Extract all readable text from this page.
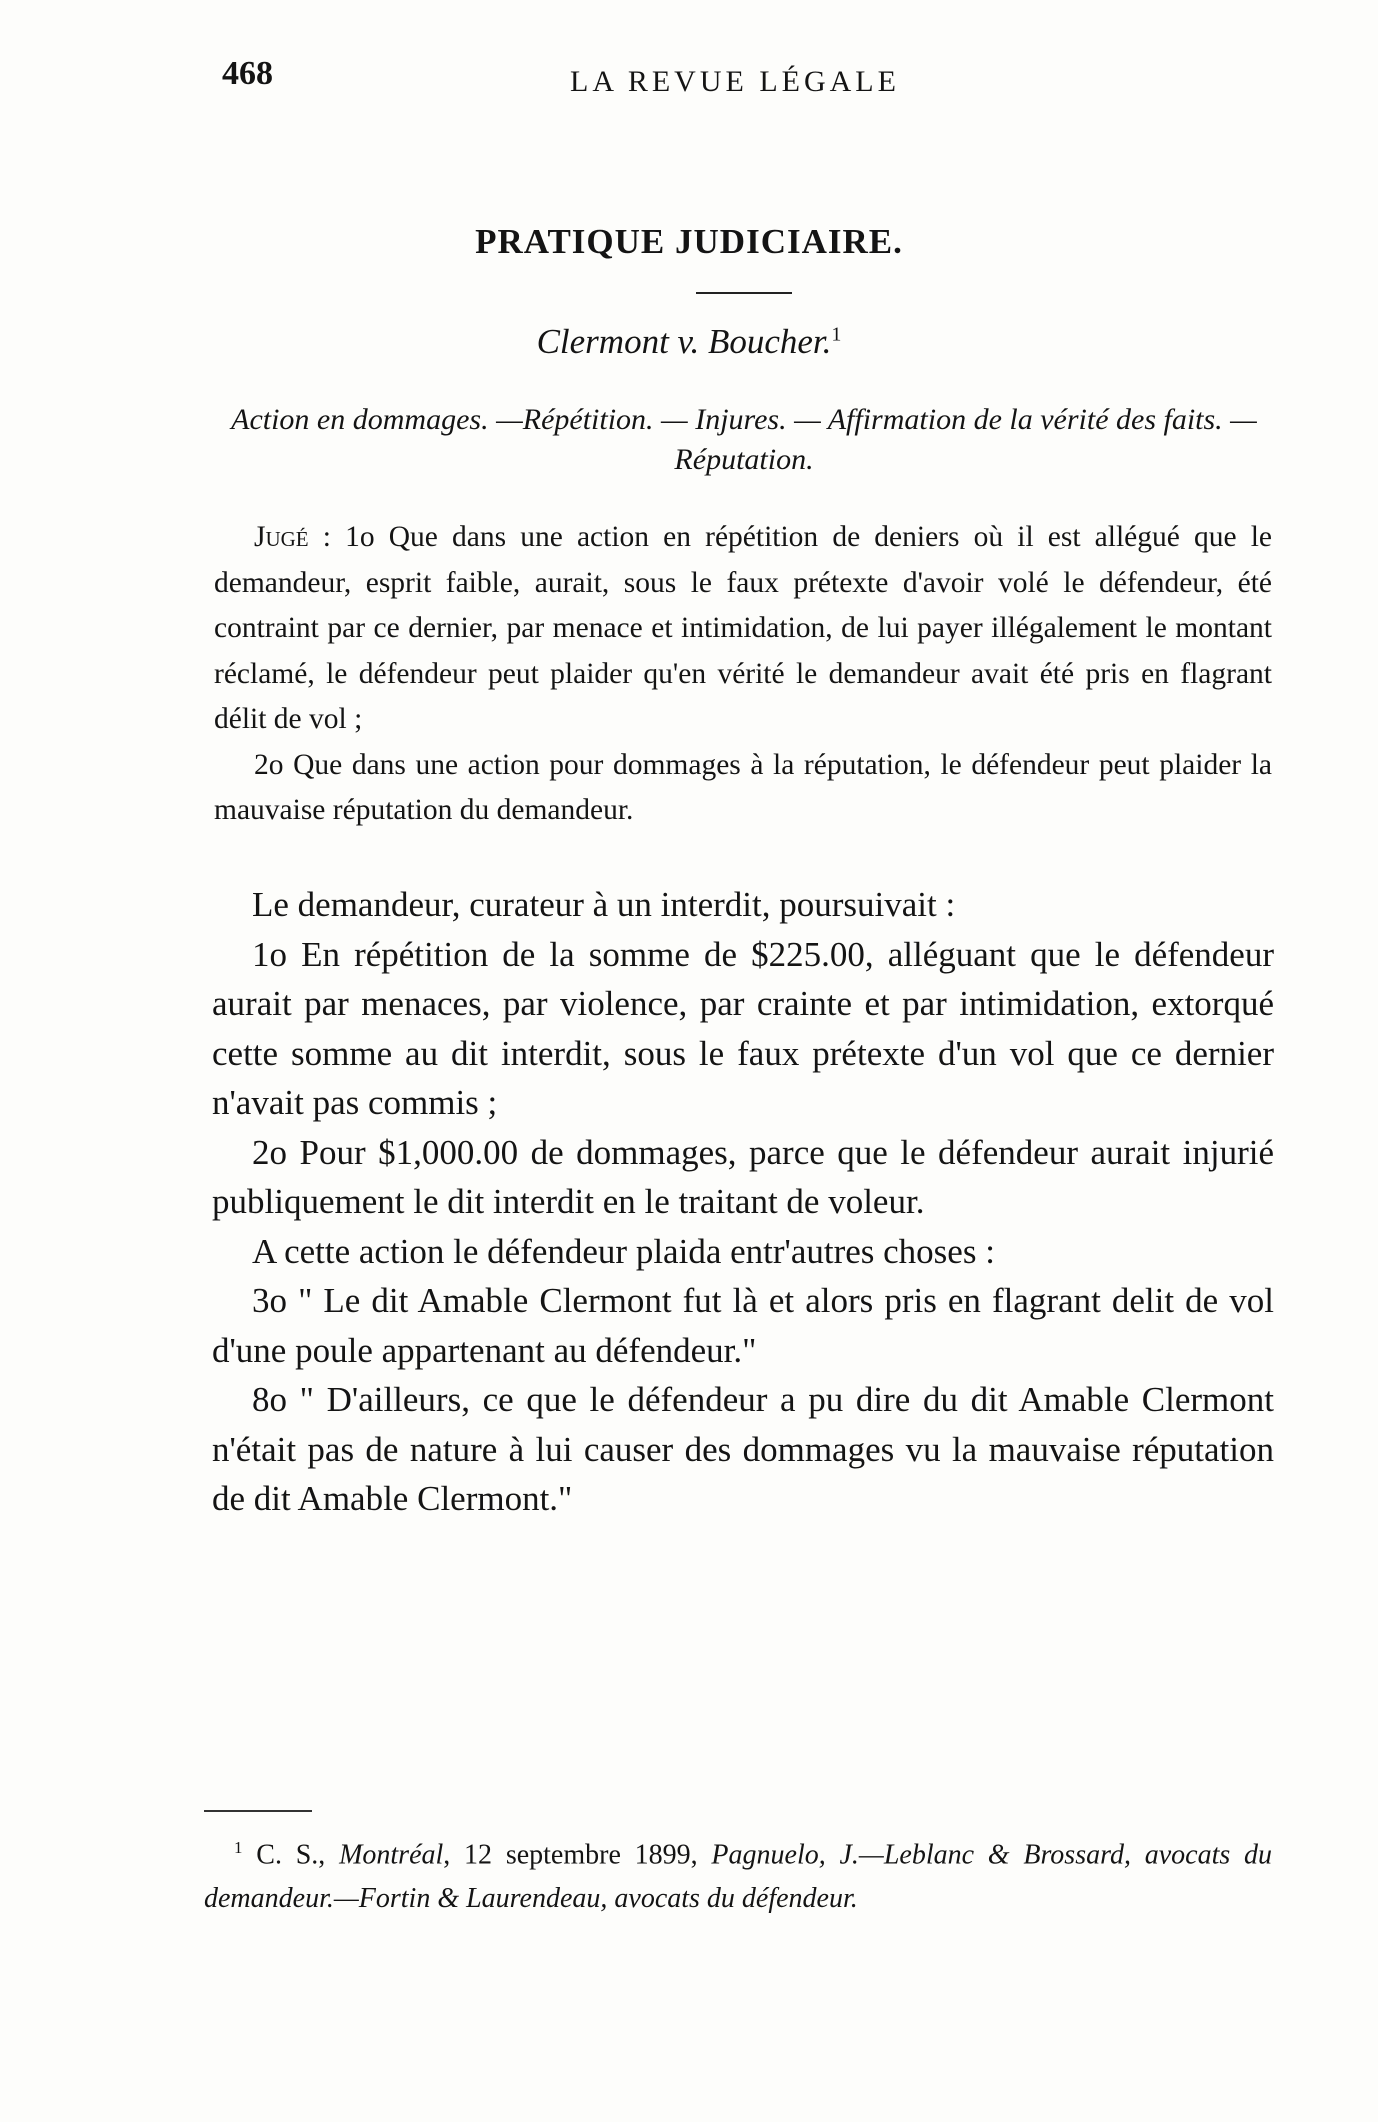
468	LA REVUE LÉGALE
PRATIQUE JUDICIAIRE.
Clermont v. Boucher.$^1$
Action en dommages. —Répétition. — Injures. — Affirmation de la vérité des faits. — Réputation.

Jugé : 1o Que dans une action en répétition de deniers où il est allégué que le demandeur, esprit faible, aurait, sous le faux prétexte d'avoir volé le défendeur, été contraint par ce dernier, par menace et intimidation, de lui payer illégalement le montant réclamé, le défendeur peut plaider qu'en vérité le demandeur avait été pris en flagrant délit de vol ;

2o Que dans une action pour dommages à la réputation, le défendeur peut plaider la mauvaise réputation du demandeur.

Le demandeur, curateur à un interdit, poursuivait :

1o En répétition de la somme de $225.00, alléguant que le défendeur aurait par menaces, par violence, par crainte et par intimidation, extorqué cette somme au dit interdit, sous le faux prétexte d'un vol que ce dernier n'avait pas commis ;

2o Pour $1,000.00 de dommages, parce que le défendeur aurait injurié publiquement le dit interdit en le traitant de voleur.

A cette action le défendeur plaida entr'autres choses :

3o " Le dit Amable Clermont fut là et alors pris en flagrant delit de vol d'une poule appartenant au défendeur."

8o " D'ailleurs, ce que le défendeur a pu dire du dit Amable Clermont n'était pas de nature à lui causer des dommages vu la mauvaise réputation de dit Amable Clermont."

$^1$ C. S., Montréal, 12 septembre 1899, Pagnuelo, J.—Leblanc & Brossard, avocats du demandeur.—Fortin & Laurendeau, avocats du défendeur.
